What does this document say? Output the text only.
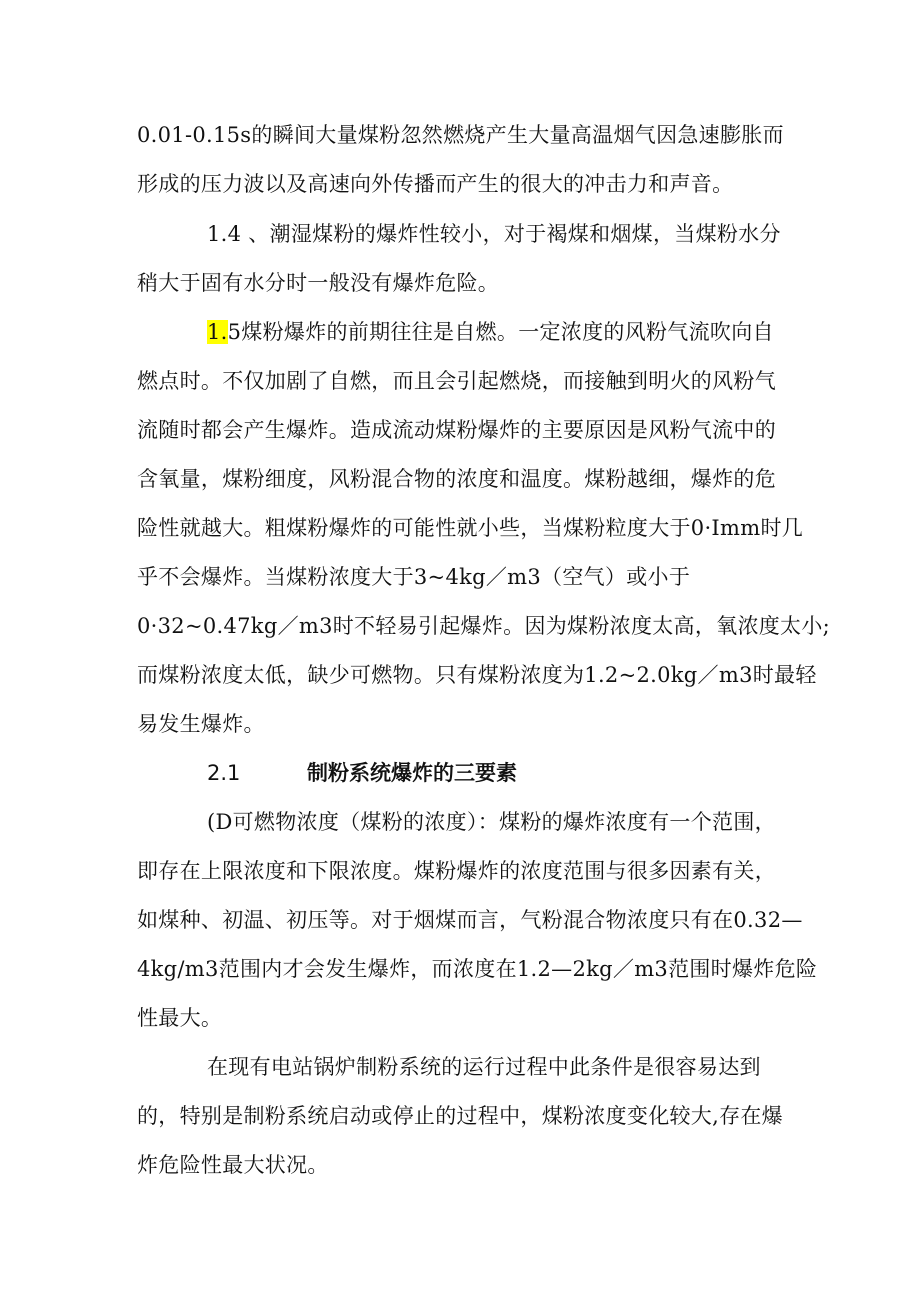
0.01-0.15s的瞬间大量煤粉忽然燃烧产生大量高温烟气因急速膨胀而
形成的压力波以及高速向外传播而产生的很大的冲击力和声音。
1.4 、潮湿煤粉的爆炸性较小，对于褐煤和烟煤，当煤粉水分
稍大于固有水分时一般没有爆炸危险。
1.5煤粉爆炸的前期往往是自燃。一定浓度的风粉气流吹向自
燃点时。不仅加剧了自燃，而且会引起燃烧，而接触到明火的风粉气
流随时都会产生爆炸。造成流动煤粉爆炸的主要原因是风粉气流中的
含氧量，煤粉细度，风粉混合物的浓度和温度。煤粉越细，爆炸的危
险性就越大。粗煤粉爆炸的可能性就小些，当煤粉粒度大于0·Imm时几
乎不会爆炸。当煤粉浓度大于3~4kg／m3（空气）或小于
0·32~0.47kg／m3时不轻易引起爆炸。因为煤粉浓度太高，氧浓度太小;
而煤粉浓度太低，缺少可燃物。只有煤粉浓度为1.2~2.0kg／m3时最轻
易发生爆炸。
2.1	制粉系统爆炸的三要素
(D可燃物浓度（煤粉的浓度）：煤粉的爆炸浓度有一个范围，
即存在上限浓度和下限浓度。煤粉爆炸的浓度范围与很多因素有关，
如煤种、初温、初压等。对于烟煤而言，气粉混合物浓度只有在0.32—
4kg/m3范围内才会发生爆炸，而浓度在1.2—2kg／m3范围时爆炸危险
性最大。
在现有电站锅炉制粉系统的运行过程中此条件是很容易达到
的，特别是制粉系统启动或停止的过程中，煤粉浓度变化较大,存在爆
炸危险性最大状况。
